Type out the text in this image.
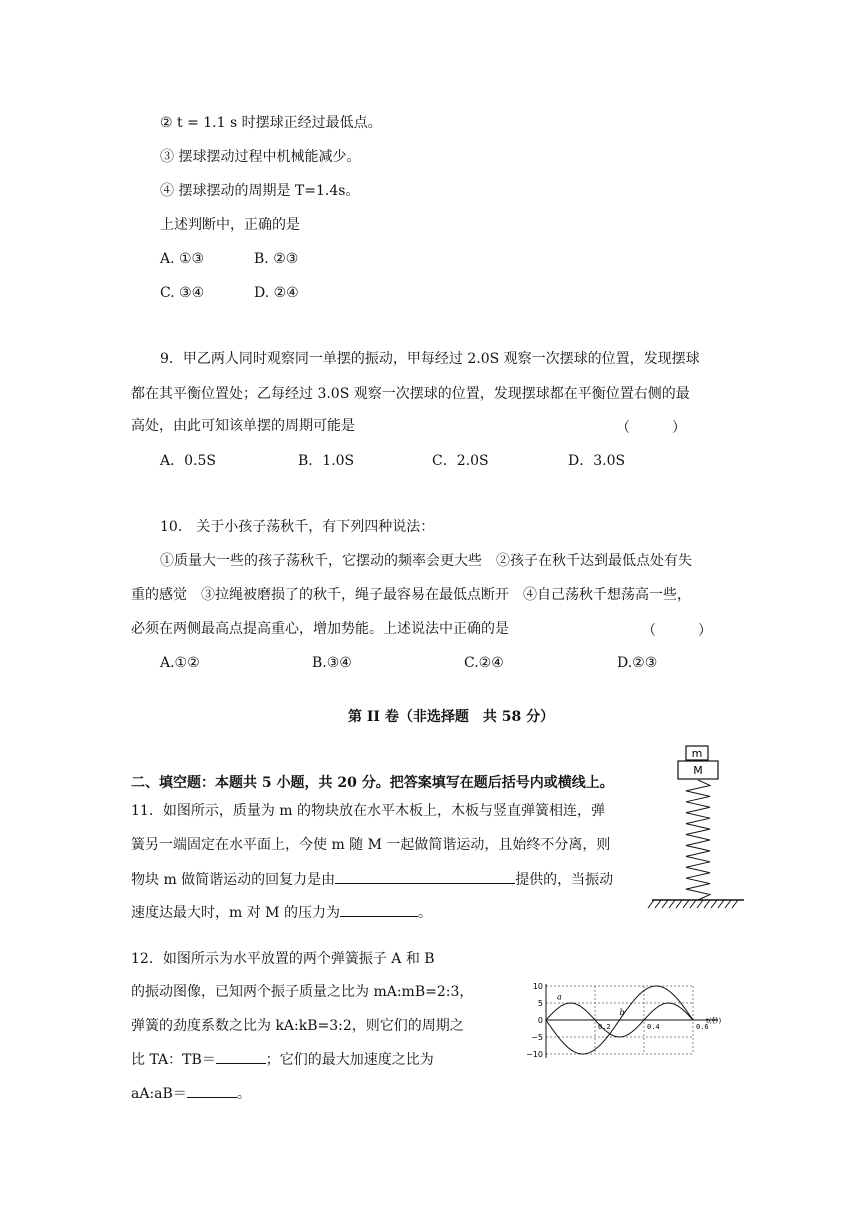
② t = 1.1 s 时摆球正经过最低点。
③ 摆球摆动过程中机械能减少。
④ 摆球摆动的周期是 T=1.4s。
上述判断中，正确的是
A. ①③	B. ②③
C. ③④	D. ②④
9．甲乙两人同时观察同一单摆的振动，甲每经过 2.0S 观察一次摆球的位置，发现摆球
都在其平衡位置处；乙每经过 3.0S 观察一次摆球的位置，发现摆球都在平衡位置右侧的最
高处，由此可知该单摆的周期可能是	（　　　）
A．0.5S	B．1.0S	C．2.0S	D．3.0S
10． 关于小孩子荡秋千，有下列四种说法：
①质量大一些的孩子荡秋千，它摆动的频率会更大些　②孩子在秋千达到最低点处有失
重的感觉　③拉绳被磨损了的秋千，绳子最容易在最低点断开　④自己荡秋千想荡高一些，
必须在两侧最高点提高重心，增加势能。上述说法中正确的是	（　　　）
A.①②	B.③④	C.②④	D.②③
第 II 卷（非选择题　共 58 分）
二、填空题：本题共 5 小题，共 20 分。把答案填写在题后括号内或横线上。
11．如图所示，质量为 m 的物块放在水平木板上，木板与竖直弹簧相连，弹
簧另一端固定在水平面上，今使 m 随 M 一起做简谐运动，且始终不分离，则
物块 m 做简谐运动的回复力是由	提供的，当振动
速度达最大时，m 对 M 的压力为	。
m
M
12．如图所示为水平放置的两个弹簧振子 A 和 B
的振动图像，已知两个振子质量之比为 mA:mB=2:3，
弹簧的劲度系数之比为 kA:kB=3:2，则它们的周期之
比 TA：TB＝	；它们的最大加速度之比为
aA:aB＝	。
10
5
0
−5
−10
0.2	0.4	0.6
t(秒)
a
b
